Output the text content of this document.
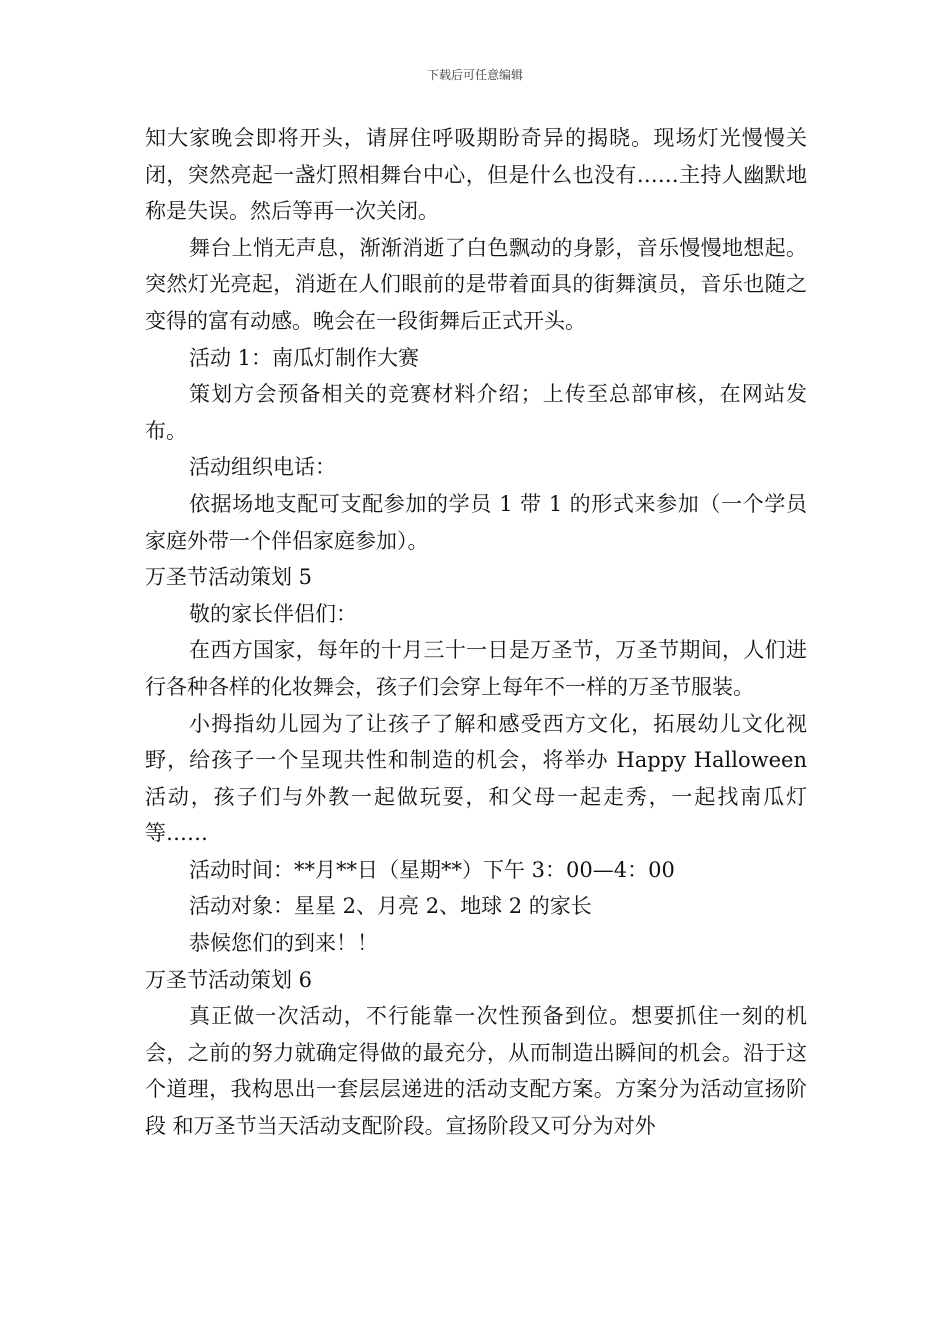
下载后可任意编辑

知大家晚会即将开头，请屏住呼吸期盼奇异的揭晓。现场灯光慢慢关闭，突然亮起一盏灯照相舞台中心，但是什么也没有……主持人幽默地称是失误。然后等再一次关闭。

舞台上悄无声息，渐渐消逝了白色飘动的身影，音乐慢慢地想起。突然灯光亮起，消逝在人们眼前的是带着面具的街舞演员，音乐也随之变得的富有动感。晚会在一段街舞后正式开头。

活动 1：南瓜灯制作大赛

策划方会预备相关的竞赛材料介绍；上传至总部审核，在网站发布。

活动组织电话：

依据场地支配可支配参加的学员 1 带 1 的形式来参加（一个学员家庭外带一个伴侣家庭参加）。

万圣节活动策划 5

敬的家长伴侣们：

在西方国家，每年的十月三十一日是万圣节，万圣节期间，人们进行各种各样的化妆舞会，孩子们会穿上每年不一样的万圣节服装。

小拇指幼儿园为了让孩子了解和感受西方文化，拓展幼儿文化视野，给孩子一个呈现共性和制造的机会，将举办 Happy Halloween 活动，孩子们与外教一起做玩耍，和父母一起走秀，一起找南瓜灯等……

活动时间：**月**日（星期**）下午 3：00—4：00

活动对象：星星 2、月亮 2、地球 2 的家长

恭候您们的到来！！

万圣节活动策划 6

真正做一次活动，不行能靠一次性预备到位。想要抓住一刻的机会，之前的努力就确定得做的最充分，从而制造出瞬间的机会。沿于这个道理，我构思出一套层层递进的活动支配方案。方案分为活动宣扬阶段 和万圣节当天活动支配阶段。宣扬阶段又可分为对外
